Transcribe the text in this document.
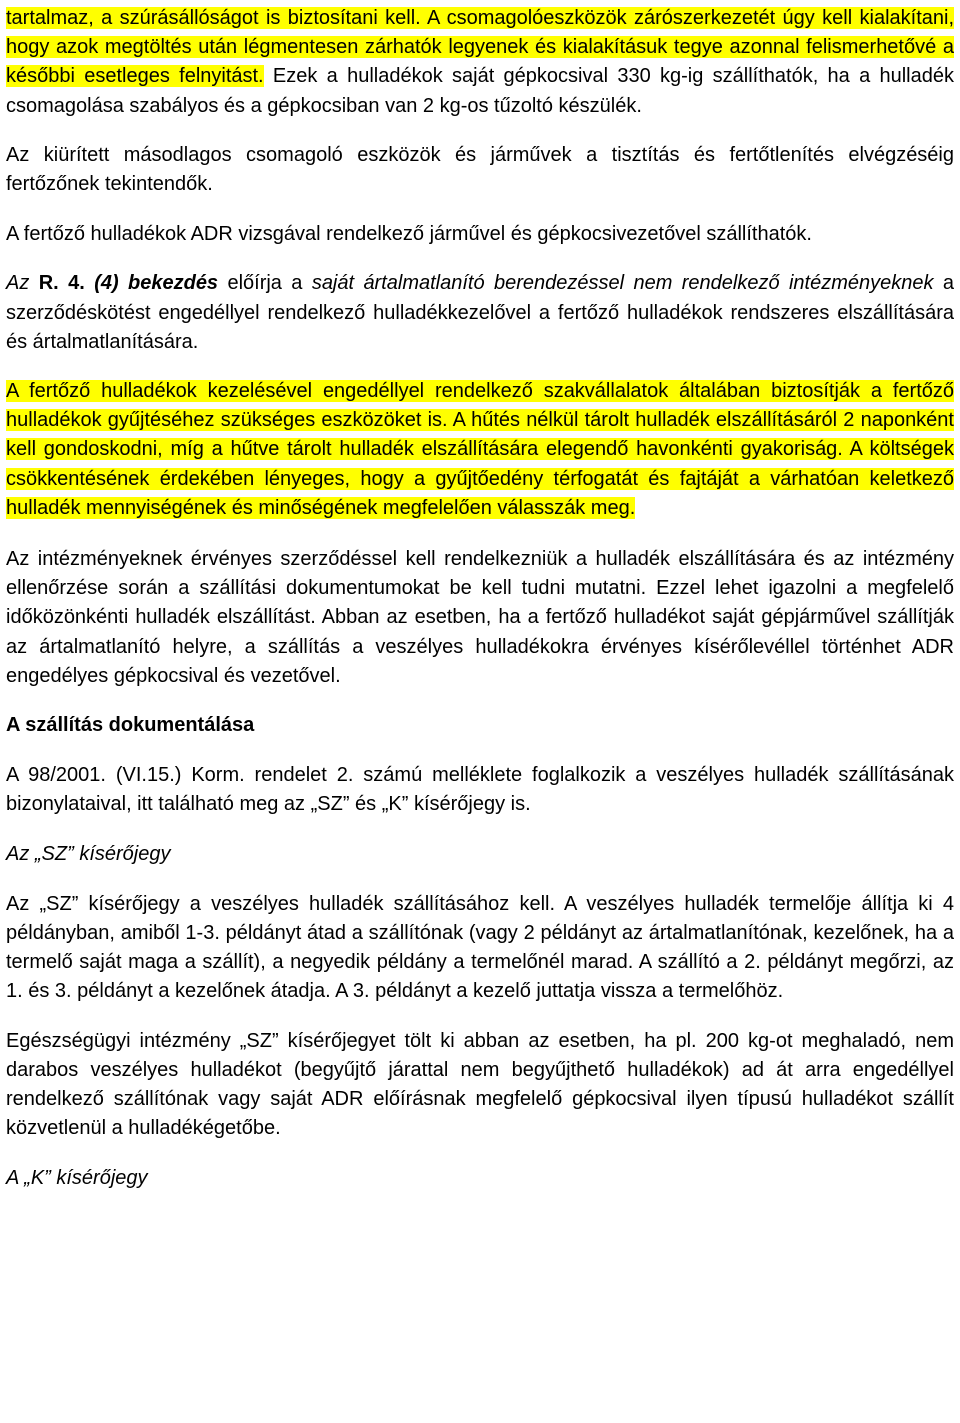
tartalmaz, a szúrásállóságot is biztosítani kell. A csomagolóeszközök zárószerkezetét úgy kell kialakítani, hogy azok megtöltés után légmentesen zárhatók legyenek és kialakításuk tegye azonnal felismerhetővé a későbbi esetleges felnyitást. Ezek a hulladékok saját gépkocsival 330 kg-ig szállíthatók, ha a hulladék csomagolása szabályos és a gépkocsiban van 2 kg-os tűzoltó készülék.

Az kiürített másodlagos csomagoló eszközök és járművek a tisztítás és fertőtlenítés elvégzéséig fertőzőnek tekintendők.

A fertőző hulladékok ADR vizsgával rendelkező járművel és gépkocsivezetővel szállíthatók.

Az R. 4. (4) bekezdés előírja a saját ártalmatlanító berendezéssel nem rendelkező intézményeknek a szerződéskötést engedéllyel rendelkező hulladékkezelővel a fertőző hulladékok rendszeres elszállítására és ártalmatlanítására.

A fertőző hulladékok kezelésével engedéllyel rendelkező szakvállalatok általában biztosítják a fertőző hulladékok gyűjtéséhez szükséges eszközöket is. A hűtés nélkül tárolt hulladék elszállításáról 2 naponként kell gondoskodni, míg a hűtve tárolt hulladék elszállítására elegendő havonkénti gyakoriság. A költségek csökkentésének érdekében lényeges, hogy a gyűjtőedény térfogatát és fajtáját a várhatóan keletkező hulladék mennyiségének és minőségének megfelelően válasszák meg.

Az intézményeknek érvényes szerződéssel kell rendelkezniük a hulladék elszállítására és az intézmény ellenőrzése során a szállítási dokumentumokat be kell tudni mutatni. Ezzel lehet igazolni a megfelelő időközönkénti hulladék elszállítást. Abban az esetben, ha a fertőző hulladékot saját gépjárművel szállítják az ártalmatlanító helyre, a szállítás a veszélyes hulladékokra érvényes kísérőlevéllel történhet ADR engedélyes gépkocsival és vezetővel.

A szállítás dokumentálása

A 98/2001. (VI.15.) Korm. rendelet 2. számú melléklete foglalkozik a veszélyes hulladék szállításának bizonylataival, itt található meg az „SZ” és „K” kísérőjegy is.

Az „SZ” kísérőjegy

Az „SZ” kísérőjegy a veszélyes hulladék szállításához kell. A veszélyes hulladék termelője állítja ki 4 példányban, amiből 1-3. példányt átad a szállítónak (vagy 2 példányt az ártalmatlanítónak, kezelőnek, ha a termelő saját maga a szállít), a negyedik példány a termelőnél marad. A szállító a 2. példányt megőrzi, az 1. és 3. példányt a kezelőnek átadja. A 3. példányt a kezelő juttatja vissza a termelőhöz.

Egészségügyi intézmény „SZ” kísérőjegyet tölt ki abban az esetben, ha pl. 200 kg-ot meghaladó, nem darabos veszélyes hulladékot (begyűjtő járattal nem begyűjthető hulladékok) ad át arra engedéllyel rendelkező szállítónak vagy saját ADR előírásnak megfelelő gépkocsival ilyen típusú hulladékot szállít közvetlenül a hulladékégetőbe.

A „K” kísérőjegy
